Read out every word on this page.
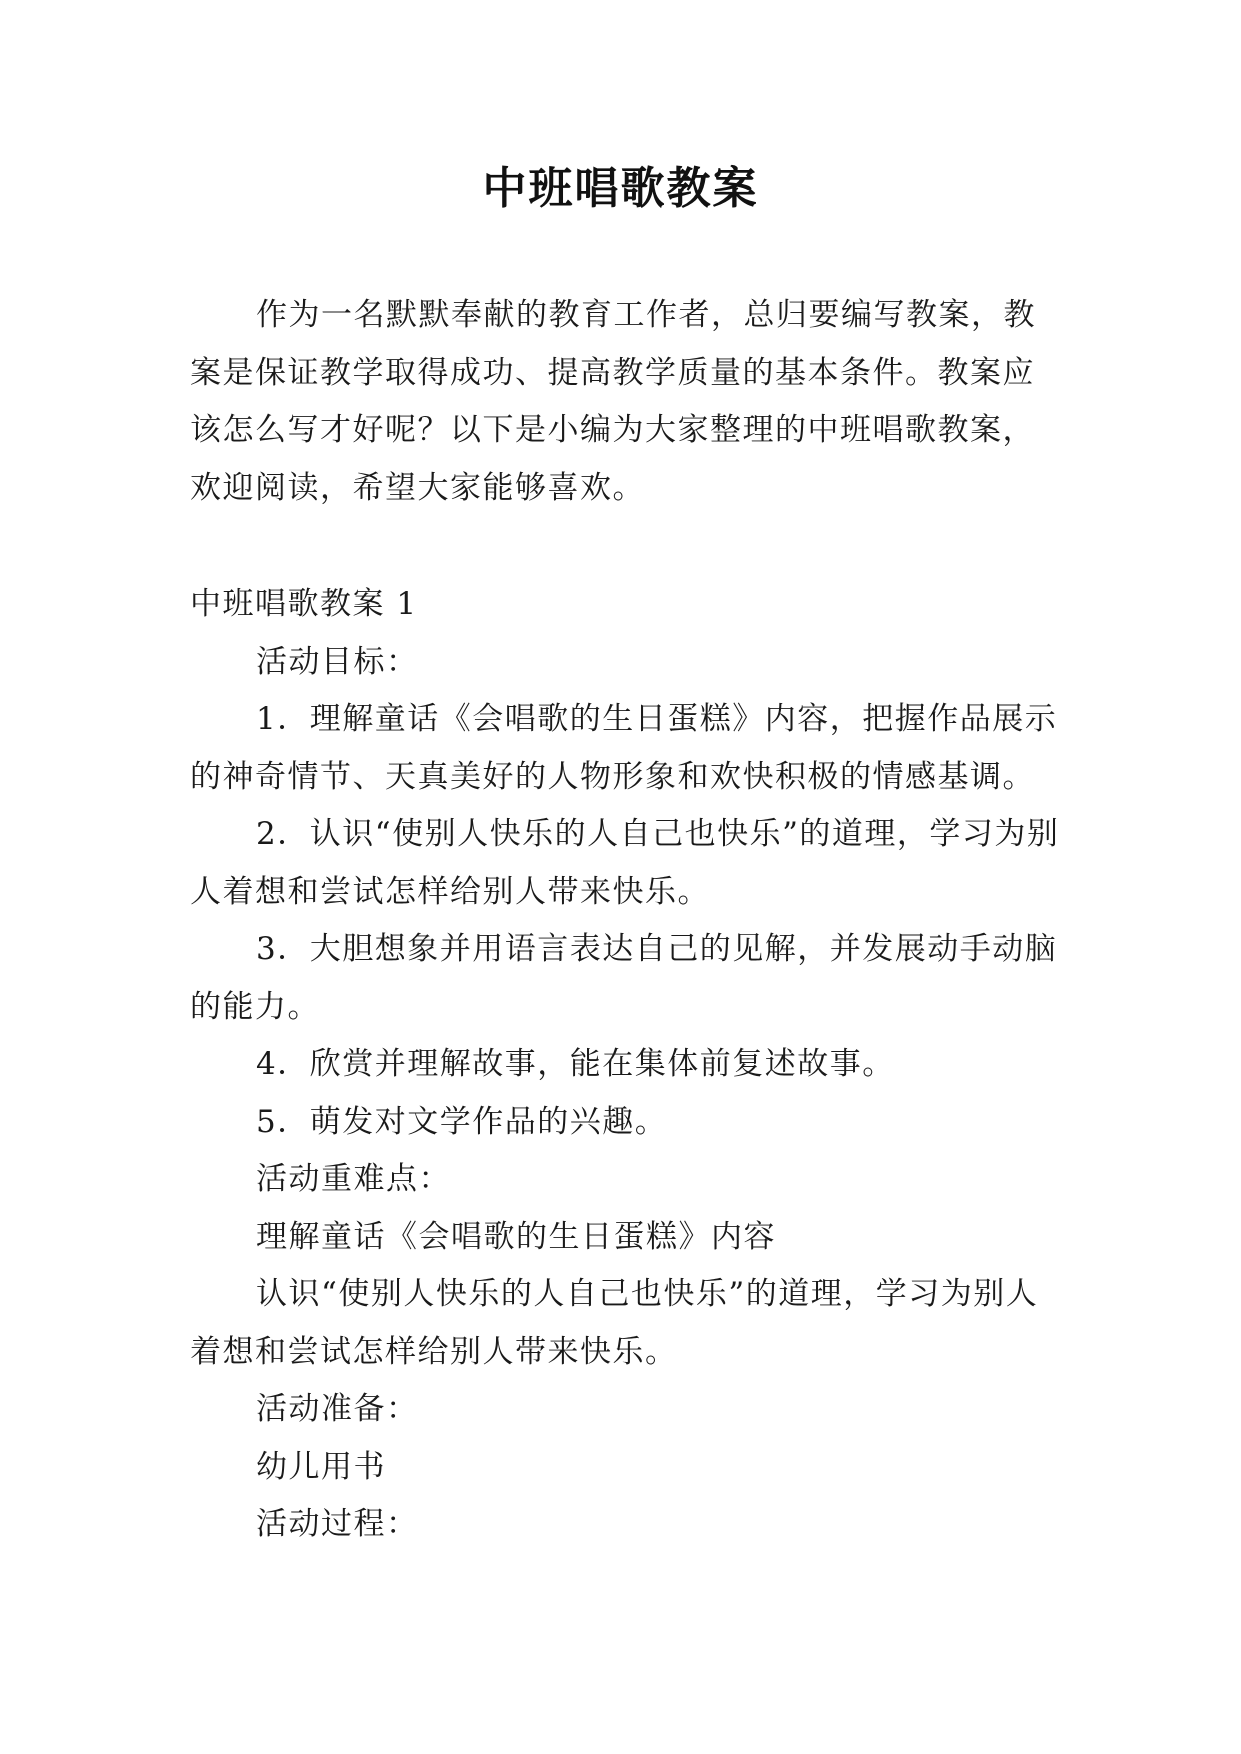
中班唱歌教案

作为一名默默奉献的教育工作者，总归要编写教案，教案是保证教学取得成功、提高教学质量的基本条件。教案应该怎么写才好呢？以下是小编为大家整理的中班唱歌教案，欢迎阅读，希望大家能够喜欢。

中班唱歌教案 1

活动目标：

1．理解童话《会唱歌的生日蛋糕》内容，把握作品展示的神奇情节、天真美好的人物形象和欢快积极的情感基调。

2．认识“使别人快乐的人自己也快乐”的道理，学习为别人着想和尝试怎样给别人带来快乐。

3．大胆想象并用语言表达自己的见解，并发展动手动脑的能力。

4．欣赏并理解故事，能在集体前复述故事。

5．萌发对文学作品的兴趣。

活动重难点：

理解童话《会唱歌的生日蛋糕》内容

认识“使别人快乐的人自己也快乐”的道理，学习为别人着想和尝试怎样给别人带来快乐。

活动准备：

幼儿用书

活动过程：
